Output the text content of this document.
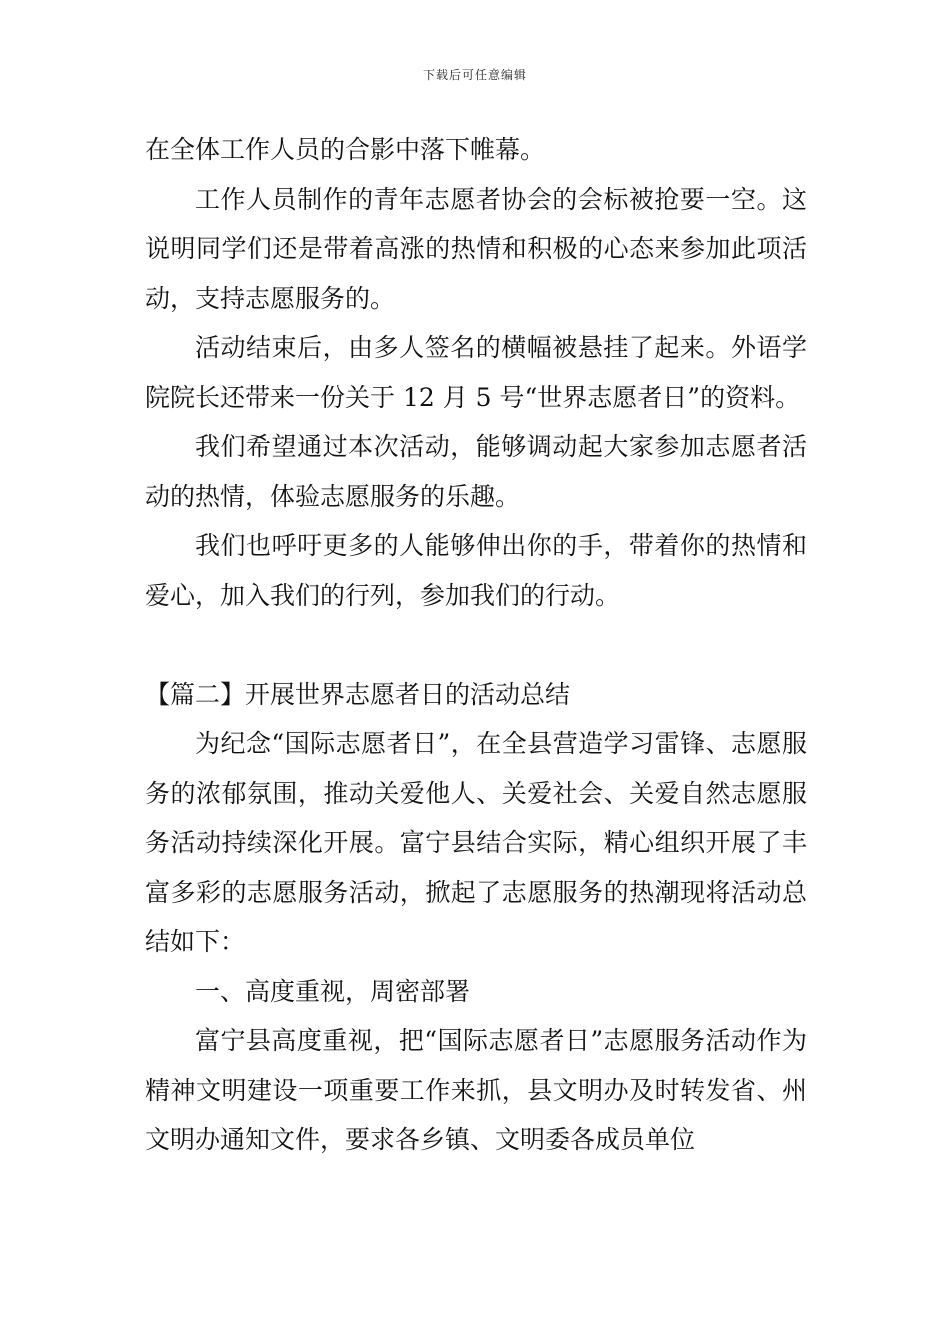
下载后可任意编辑

在全体工作人员的合影中落下帷幕。

工作人员制作的青年志愿者协会的会标被抢要一空。这说明同学们还是带着高涨的热情和积极的心态来参加此项活动，支持志愿服务的。

活动结束后，由多人签名的横幅被悬挂了起来。外语学院院长还带来一份关于 12 月 5 号“世界志愿者日”的资料。

我们希望通过本次活动，能够调动起大家参加志愿者活动的热情，体验志愿服务的乐趣。

我们也呼吁更多的人能够伸出你的手，带着你的热情和爱心，加入我们的行列，参加我们的行动。

【篇二】开展世界志愿者日的活动总结

为纪念“国际志愿者日”，在全县营造学习雷锋、志愿服务的浓郁氛围，推动关爱他人、关爱社会、关爱自然志愿服务活动持续深化开展。富宁县结合实际，精心组织开展了丰富多彩的志愿服务活动，掀起了志愿服务的热潮现将活动总结如下：

一、高度重视，周密部署

富宁县高度重视，把“国际志愿者日”志愿服务活动作为精神文明建设一项重要工作来抓，县文明办及时转发省、州文明办通知文件，要求各乡镇、文明委各成员单位
